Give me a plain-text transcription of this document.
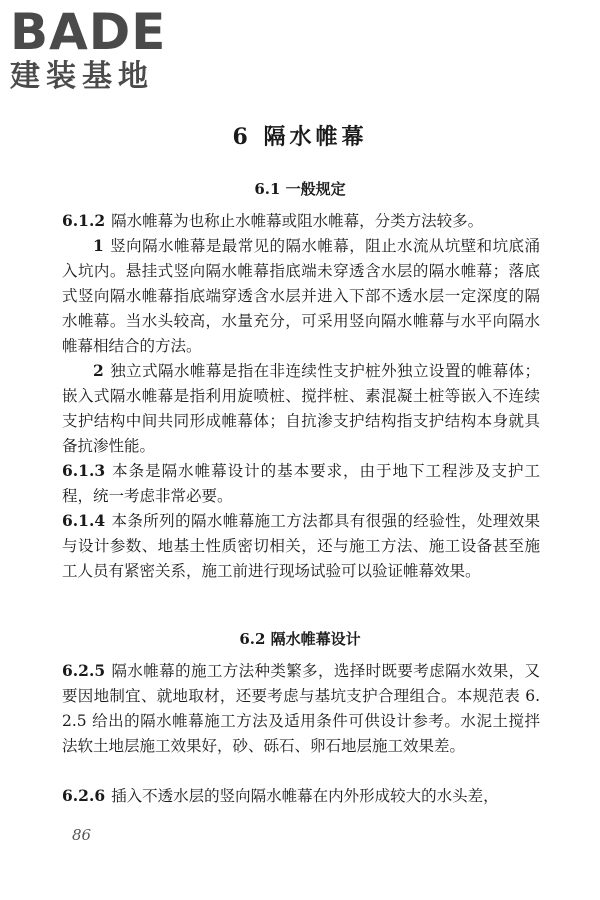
BADE
建装基地
6 隔水帷幕
6.1 一般规定

6.1.2 隔水帷幕为也称止水帷幕或阻水帷幕，分类方法较多。

1 竖向隔水帷幕是最常见的隔水帷幕，阻止水流从坑壁和坑底涌入坑内。悬挂式竖向隔水帷幕指底端未穿透含水层的隔水帷幕；落底式竖向隔水帷幕指底端穿透含水层并进入下部不透水层一定深度的隔水帷幕。当水头较高，水量充分，可采用竖向隔水帷幕与水平向隔水帷幕相结合的方法。

2 独立式隔水帷幕是指在非连续性支护桩外独立设置的帷幕体；嵌入式隔水帷幕是指利用旋喷桩、搅拌桩、素混凝土桩等嵌入不连续支护结构中间共同形成帷幕体；自抗渗支护结构指支护结构本身就具备抗渗性能。

6.1.3 本条是隔水帷幕设计的基本要求，由于地下工程涉及支护工程，统一考虑非常必要。

6.1.4 本条所列的隔水帷幕施工方法都具有很强的经验性，处理效果与设计参数、地基土性质密切相关，还与施工方法、施工设备甚至施工人员有紧密关系，施工前进行现场试验可以验证帷幕效果。

6.2 隔水帷幕设计

6.2.5 隔水帷幕的施工方法种类繁多，选择时既要考虑隔水效果，又要因地制宜、就地取材，还要考虑与基坑支护合理组合。本规范表 6.2.5 给出的隔水帷幕施工方法及适用条件可供设计参考。水泥土搅拌法软土地层施工效果好，砂、砾石、卵石地层施工效果差。

6.2.6 插入不透水层的竖向隔水帷幕在内外形成较大的水头差，

86
